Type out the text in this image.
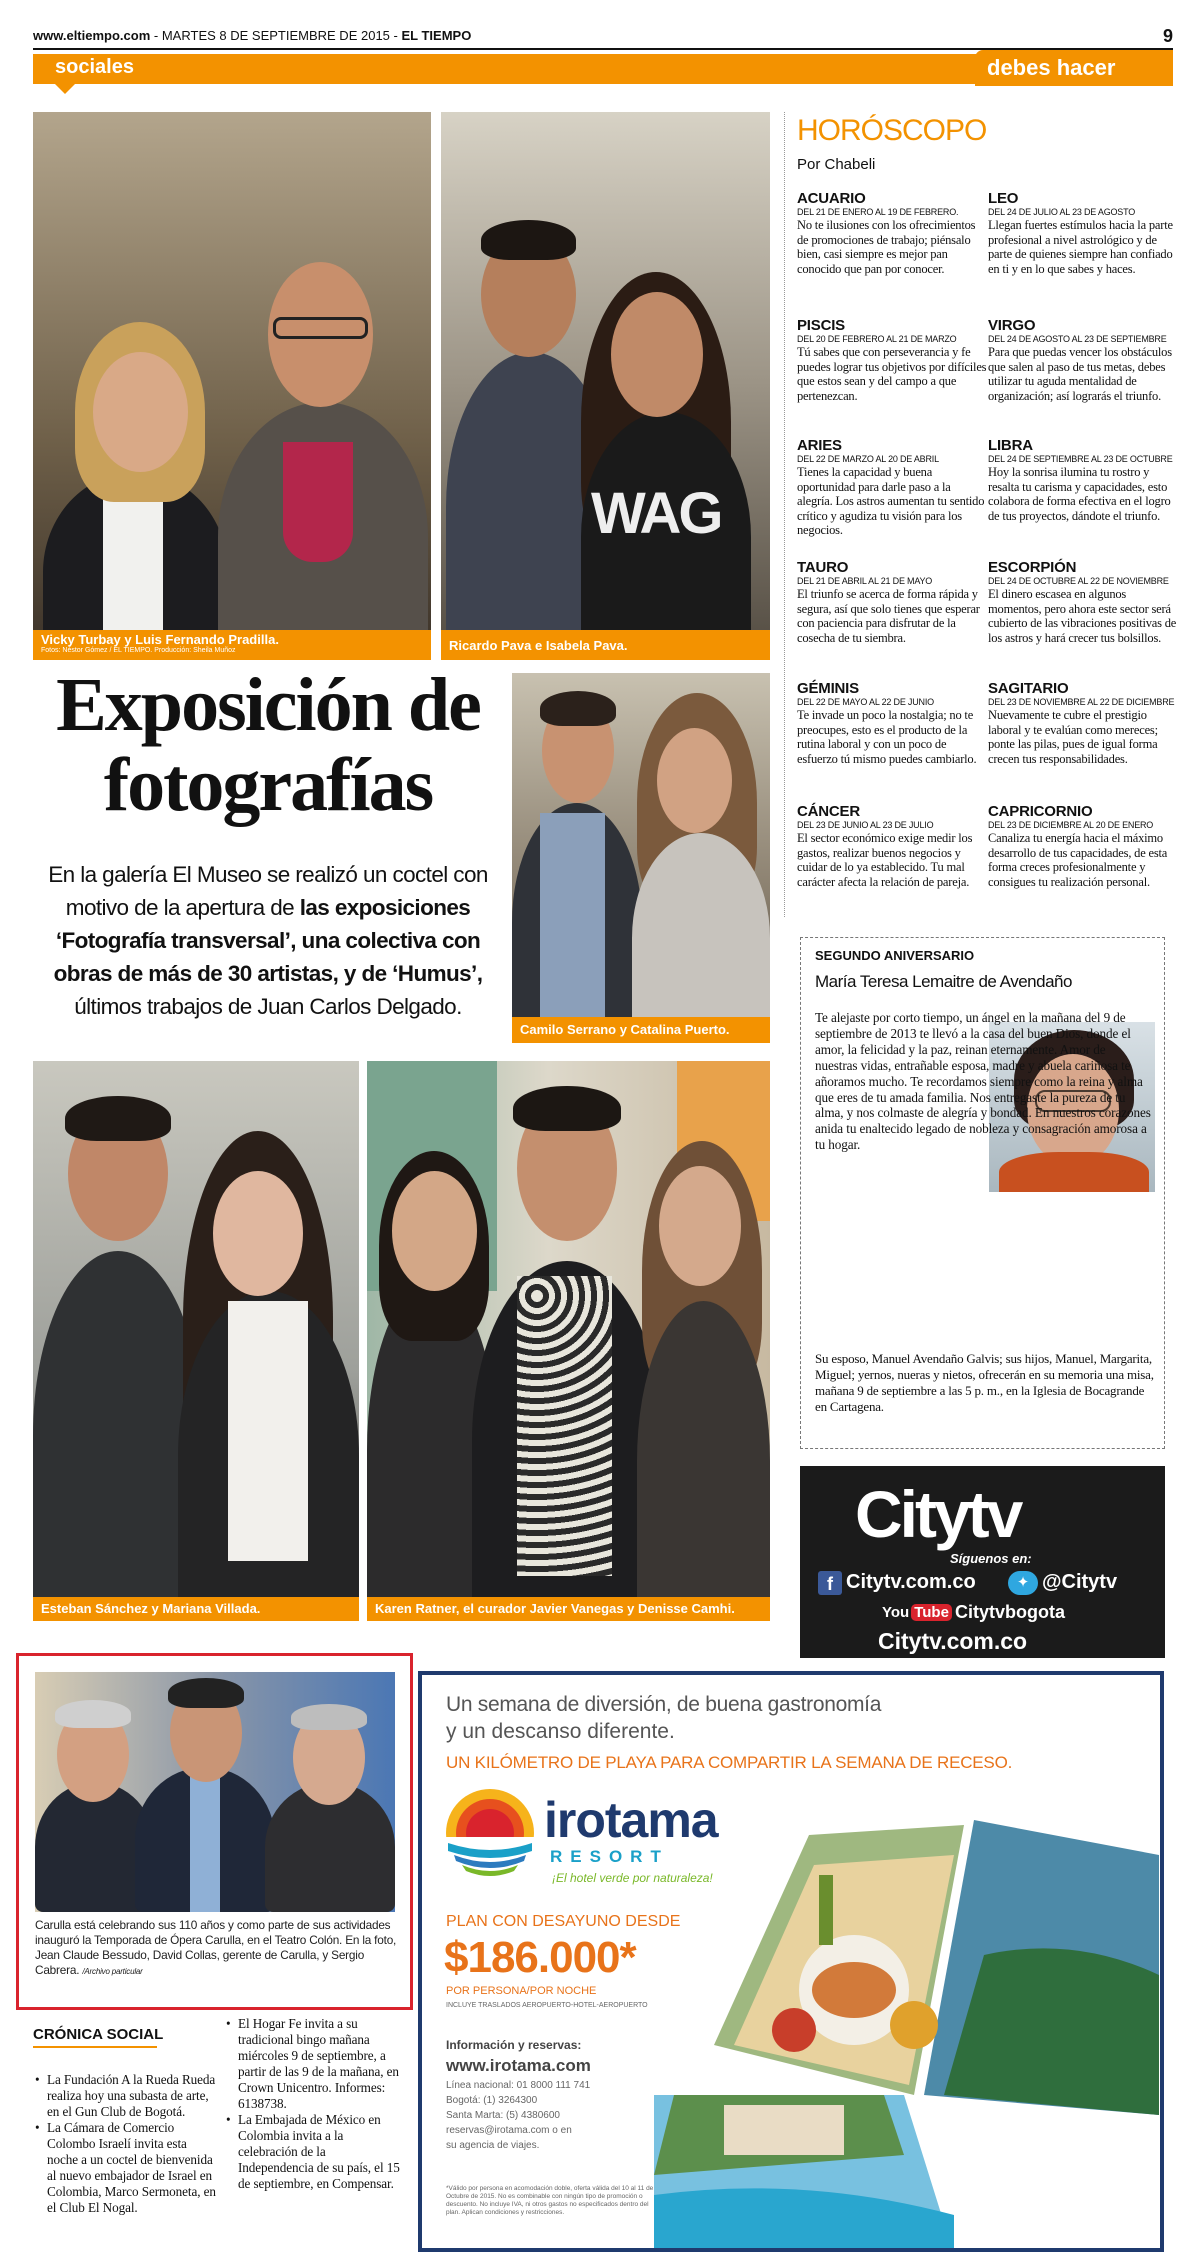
www.eltiempo.com - MARTES 8 DE SEPTIEMBRE DE 2015 - EL TIEMPO	9
sociales	debes hacer
Vicky Turbay y Luis Fernando Pradilla.
Fotos: Néstor Gómez / EL TIEMPO. Producción: Sheila Muñoz
WAG
Ricardo Pava e Isabela Pava.
Exposición de
fotografías
En la galería El Museo se realizó un coctel con motivo de la apertura de las exposiciones ‘Fotografía transversal’, una colectiva con obras de más de 30 artistas, y de ‘Humus’, últimos trabajos de Juan Carlos Delgado.
Camilo Serrano y Catalina Puerto.
Esteban Sánchez y Mariana Villada.	Karen Ratner, el curador Javier Vanegas y Denisse Camhi.
HORÓSCOPO
Por Chabeli
ACUARIO
DEL 21 DE ENERO AL 19 DE FEBRERO.
No te ilusiones con los ofrecimientos de promociones de trabajo; piénsalo bien, casi siempre es mejor pan conocido que pan por conocer.
PISCIS
DEL 20 DE FEBRERO AL 21 DE MARZO
Tú sabes que con perseverancia y fe puedes lograr tus objetivos por difíciles que estos sean y del campo a que pertenezcan.
ARIES
DEL 22 DE MARZO AL 20 DE ABRIL
Tienes la capacidad y buena oportunidad para darle paso a la alegría. Los astros aumentan tu sentido crítico y agudiza tu visión para los negocios.
TAURO
DEL 21 DE ABRIL AL 21 DE MAYO
El triunfo se acerca de forma rápida y segura, así que solo tienes que esperar con paciencia para disfrutar de la cosecha de tu siembra.
GÉMINIS
DEL 22 DE MAYO AL 22 DE JUNIO
Te invade un poco la nostalgia; no te preocupes, esto es el producto de la rutina laboral y con un poco de esfuerzo tú mismo puedes cambiarlo.
CÁNCER
DEL 23 DE JUNIO AL 23 DE JULIO
El sector económico exige medir los gastos, realizar buenos negocios y cuidar de lo ya establecido. Tu mal carácter afecta la relación de pareja.
LEO
DEL 24 DE JULIO AL 23 DE AGOSTO
Llegan fuertes estímulos hacia la parte profesional a nivel astrológico y de parte de quienes siempre han confiado en ti y en lo que sabes y haces.
VIRGO
DEL 24 DE AGOSTO AL 23 DE SEPTIEMBRE
Para que puedas vencer los obstáculos que salen al paso de tus metas, debes utilizar tu aguda mentalidad de organización; así lograrás el triunfo.
LIBRA
DEL 24 DE SEPTIEMBRE AL 23 DE OCTUBRE
Hoy la sonrisa ilumina tu rostro y resalta tu carisma y capacidades, esto colabora de forma efectiva en el logro de tus proyectos, dándote el triunfo.
ESCORPIÓN
DEL 24 DE OCTUBRE AL 22 DE NOVIEMBRE
El dinero escasea en algunos momentos, pero ahora este sector será cubierto de las vibraciones positivas de los astros y hará crecer tus bolsillos.
SAGITARIO
DEL 23 DE NOVIEMBRE AL 22 DE DICIEMBRE
Nuevamente te cubre el prestigio laboral y te evalúan como mereces; ponte las pilas, pues de igual forma crecen tus responsabilidades.
CAPRICORNIO
DEL 23 DE DICIEMBRE AL 20 DE ENERO
Canaliza tu energía hacia el máximo desarrollo de tus capacidades, de esta forma creces profesionalmente y consigues tu realización personal.
SEGUNDO ANIVERSARIO
María Teresa Lemaitre de Avendaño
Te alejaste por corto tiempo, un ángel en la mañana del 9 de septiembre de 2013 te llevó a la casa del buen Dios, donde el amor, la felicidad y la paz, reinan eternamente. Amor de nuestras vidas, entrañable esposa, madre y abuela cariñosa te añoramos mucho. Te recordamos siempre como la reina y alma que eres de tu amada familia. Nos entregaste la pureza de tu alma, y nos colmaste de alegría y bondad. En nuestros corazones anida tu enaltecido legado de nobleza y consagración amorosa a tu hogar.
Su esposo, Manuel Avendaño Galvis; sus hijos, Manuel, Margarita, Miguel; yernos, nueras y nietos, ofrecerán en su memoria una misa, mañana 9 de septiembre a las 5 p. m., en la Iglesia de Bocagrande en Cartagena.
Citytv
Síguenos en:
f Citytv.com.co	✦ @Citytv
You Tube Citytvbogota
Citytv.com.co
Carulla está celebrando sus 110 años y como parte de sus actividades inauguró la Temporada de Ópera Carulla, en el Teatro Colón. En la foto, Jean Claude Bessudo, David Collas, gerente de Carulla, y Sergio Cabrera. /Archivo particular
CRÓNICA SOCIAL
• La Fundación A la Rueda Rueda realiza hoy una subasta de arte, en el Gun Club de Bogotá.
• La Cámara de Comercio Colombo Israelí invita esta noche a un coctel de bienvenida al nuevo embajador de Israel en Colombia, Marco Sermoneta, en el Club El Nogal.
• El Hogar Fe invita a su tradicional bingo mañana miércoles 9 de septiembre, a partir de las 9 de la mañana, en Crown Unicentro. Informes: 6138738.
• La Embajada de México en Colombia invita a la celebración de la Independencia de su país, el 15 de septiembre, en Compensar.
Un semana de diversión, de buena gastronomía
y un descanso diferente.
UN KILÓMETRO DE PLAYA PARA COMPARTIR LA SEMANA DE RECESO.
irotama
RESORT
¡El hotel verde por naturaleza!
PLAN CON DESAYUNO DESDE
$186.000*
POR PERSONA/POR NOCHE
INCLUYE TRASLADOS AEROPUERTO-HOTEL-AEROPUERTO
Información y reservas:
www.irotama.com
Línea nacional: 01 8000 111 741
Bogotá: (1) 3264300
Santa Marta: (5) 4380600
reservas@irotama.com o en
su agencia de viajes.
*Válido por persona en acomodación doble, oferta válida del 10 al 11 de Octubre de 2015. No es combinable con ningún tipo de promoción o descuento. No incluye IVA, ni otros gastos no especificados dentro del plan. Aplican condiciones y restricciones.
